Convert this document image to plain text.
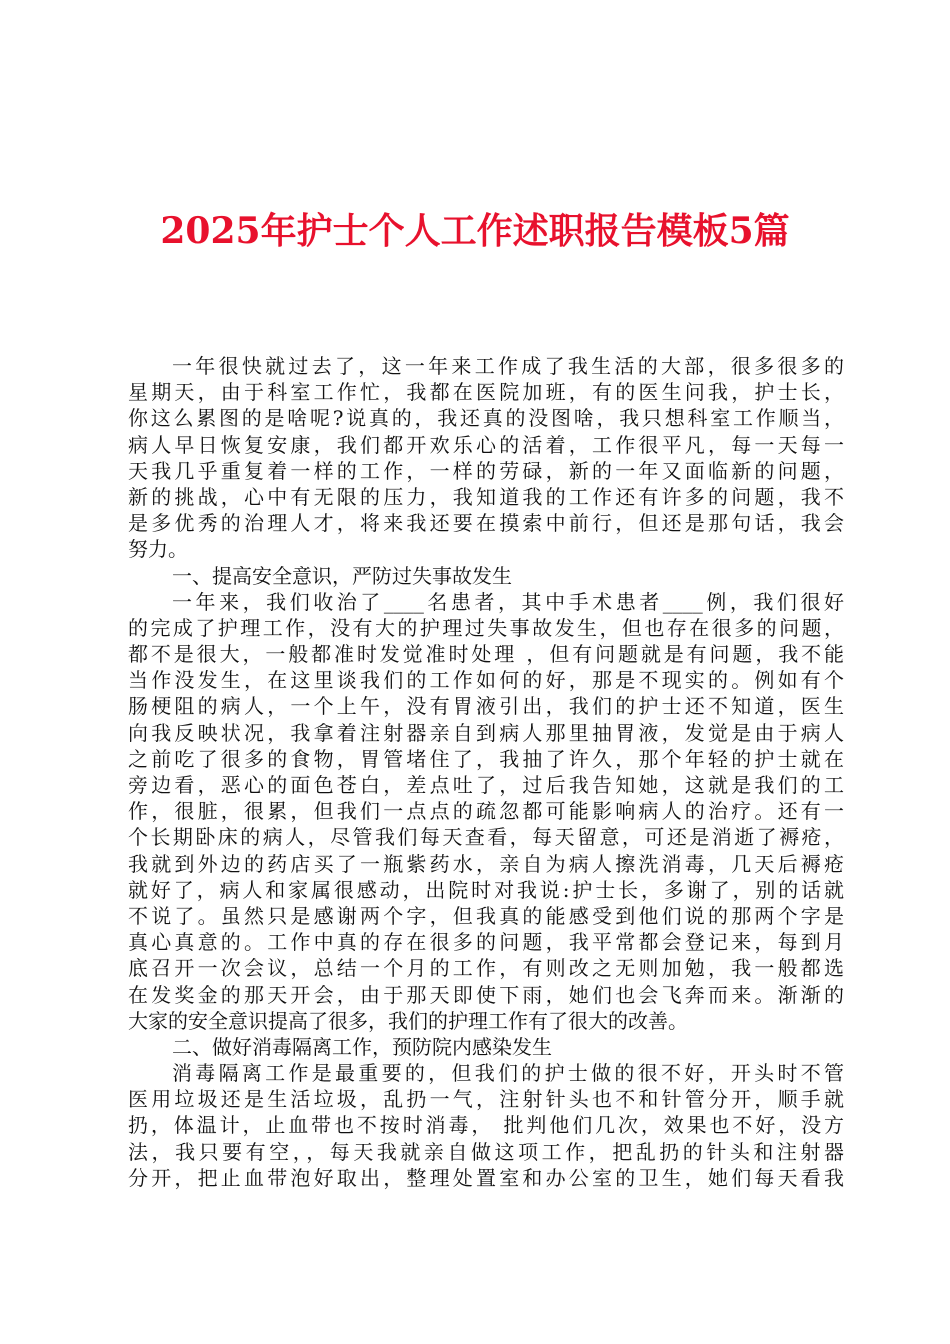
2025年护士个人工作述职报告模板5篇
一年很快就过去了，这一年来工作成了我生活的大部，很多很多的
星期天，由于科室工作忙，我都在医院加班，有的医生问我，护士长，
你这么累图的是啥呢?说真的，我还真的没图啥，我只想科室工作顺当，
病人早日恢复安康，我们都开欢乐心的活着，工作很平凡，每一天每一
天我几乎重复着一样的工作，一样的劳碌，新的一年又面临新的问题，
新的挑战，心中有无限的压力，我知道我的工作还有许多的问题，我不
是多优秀的治理人才，将来我还要在摸索中前行，但还是那句话，我会
努力。
一、提高安全意识，严防过失事故发生
一年来，我们收治了____名患者，其中手术患者____例，我们很好
的完成了护理工作，没有大的护理过失事故发生，但也存在很多的问题，
都不是很大，一般都准时发觉准时处理 ，但有问题就是有问题，我不能
当作没发生，在这里谈我们的工作如何的好，那是不现实的。例如有个
肠梗阻的病人，一个上午，没有胃液引出，我们的护士还不知道，医生
向我反映状况，我拿着注射器亲自到病人那里抽胃液，发觉是由于病人
之前吃了很多的食物，胃管堵住了，我抽了许久，那个年轻的护士就在
旁边看，恶心的面色苍白，差点吐了，过后我告知她，这就是我们的工
作，很脏，很累，但我们一点点的疏忽都可能影响病人的治疗。还有一
个长期卧床的病人，尽管我们每天查看，每天留意，可还是消逝了褥疮，
我就到外边的药店买了一瓶紫药水，亲自为病人擦洗消毒，几天后褥疮
就好了，病人和家属很感动，出院时对我说:护士长，多谢了，别的话就
不说了。虽然只是感谢两个字，但我真的能感受到他们说的那两个字是
真心真意的。工作中真的存在很多的问题，我平常都会登记来，每到月
底召开一次会议，总结一个月的工作，有则改之无则加勉，我一般都选
在发奖金的那天开会，由于那天即使下雨，她们也会飞奔而来。渐渐的
大家的安全意识提高了很多，我们的护理工作有了很大的改善。
二、做好消毒隔离工作，预防院内感染发生
消毒隔离工作是最重要的，但我们的护士做的很不好，开头时不管
医用垃圾还是生活垃圾，乱扔一气，注射针头也不和针管分开，顺手就
扔，体温计，止血带也不按时消毒， 批判他们几次，效果也不好，没方
法，我只要有空，，每天我就亲自做这项工作，把乱扔的针头和注射器
分开，把止血带泡好取出，整理处置室和办公室的卫生，她们每天看我
